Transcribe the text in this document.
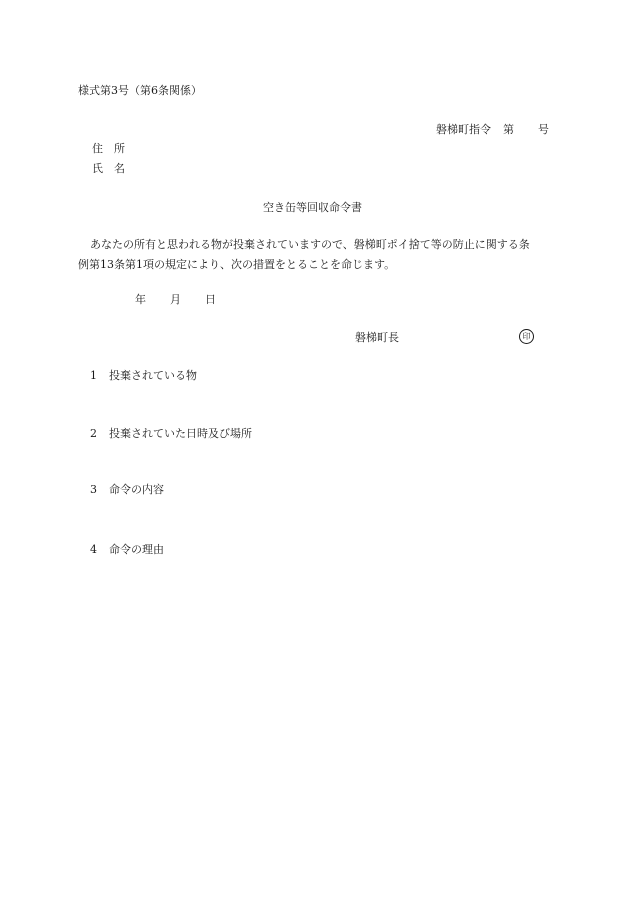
様式第3号（第6条関係）
磐梯町指令 第 号
住 所
氏 名
空き缶等回収命令書
あなたの所有と思われる物が投棄されていますので、磐梯町ポイ捨て等の防止に関する条
例第13条第1項の規定により、次の措置をとることを命じます。
年 月 日
磐梯町長	印
1 投棄されている物
2 投棄されていた日時及び場所
3 命令の内容
4 命令の理由
